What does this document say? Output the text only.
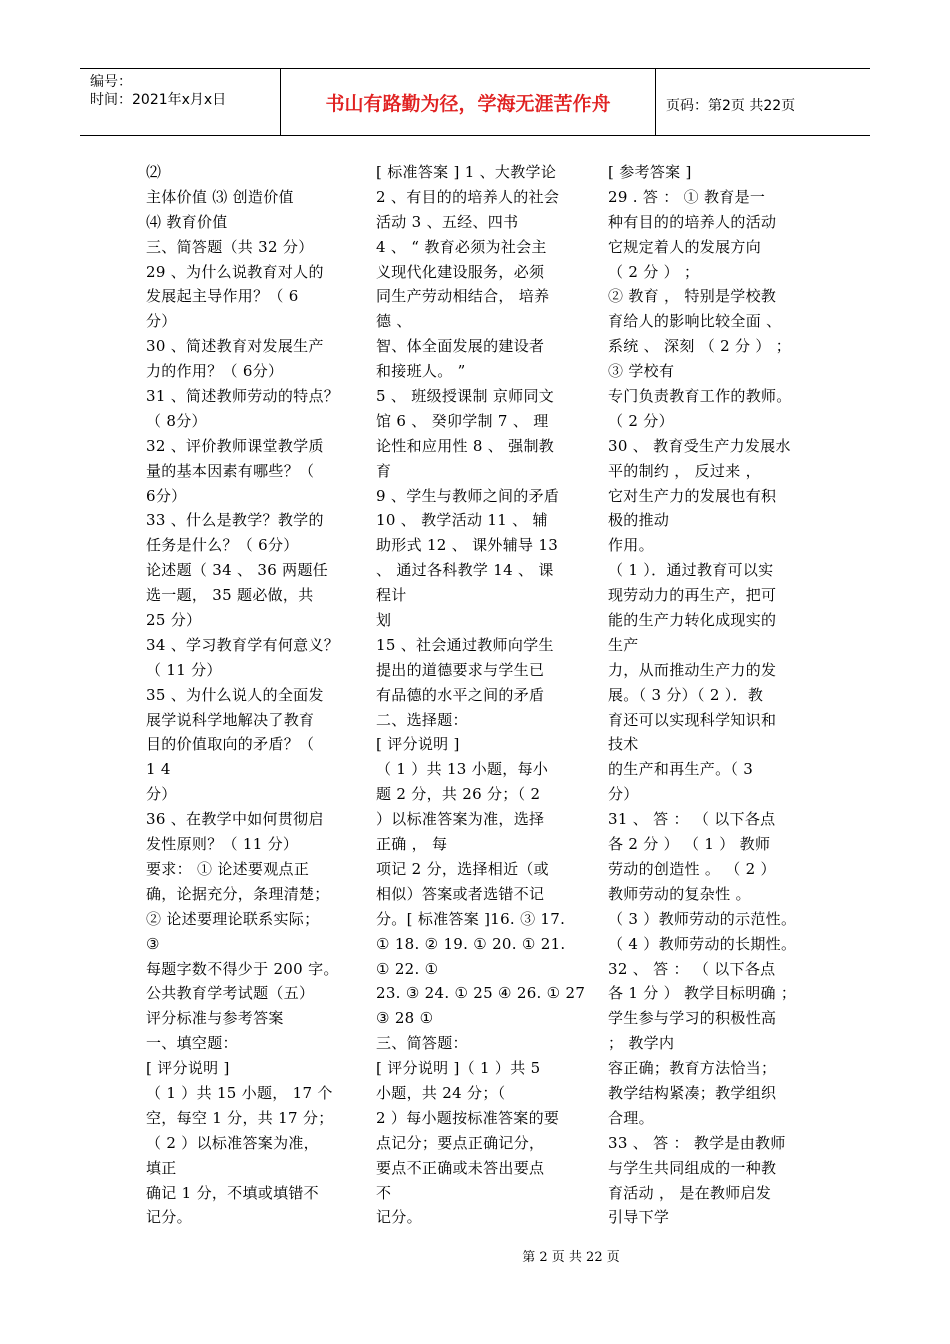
编号：
时间：2021年x月x日	书山有路勤为径，学海无涯苦作舟	页码：第2页 共22页
⑵
主体价值 ⑶ 创造价值
⑷ 教育价值
三、简答题（共 32 分）
29 、为什么说教育对人的
发展起主导作用？（ 6
分）
30 、简述教育对发展生产
力的作用？（ 6分）
31 、简述教师劳动的特点？
（ 8分）
32 、评价教师课堂教学质
量的基本因素有哪些？（
6分）
33 、什么是教学？教学的
任务是什么？（ 6分）
论述题（ 34 、 36 两题任
选一题， 35 题必做，共
25 分）
34 、学习教育学有何意义？
（ 11 分）
35 、为什么说人的全面发
展学说科学地解决了教育
目的价值取向的矛盾？（
1 4
分）
36 、在教学中如何贯彻启
发性原则？（ 11 分）
要求： ① 论述要观点正
确，论据充分，条理清楚；
② 论述要理论联系实际；
③
每题字数不得少于 200 字。
公共教育学考试题（五）
评分标准与参考答案
一、填空题：
[ 评分说明 ]
（ 1 ）共 15 小题， 17 个
空，每空 1 分，共 17 分；
（ 2 ）以标准答案为准，
填正
确记 1 分，不填或填错不
记分。
[ 标准答案 ] 1 、大教学论
2 、有目的的培养人的社会
活动 3 、五经、四书
4 、 “ 教育必须为社会主
义现代化建设服务，必须
同生产劳动相结合， 培养
德 、
智、体全面发展的建设者
和接班人。 ”
5 、 班级授课制 京师同文
馆 6 、 癸卯学制 7 、 理
论性和应用性 8 、 强制教
育
9 、学生与教师之间的矛盾
10 、 教学活动 11 、 辅
助形式 12 、 课外辅导 13
、 通过各科教学 14 、 课
程计
划
15 、社会通过教师向学生
提出的道德要求与学生已
有品德的水平之间的矛盾
二、选择题：
[ 评分说明 ]
（ 1 ）共 13 小题，每小
题 2 分，共 26 分；（ 2
）以标准答案为准，选择
正确 ， 每
项记 2 分，选择相近（或
相似）答案或者选错不记
分。[ 标准答案 ]16. ③ 17.
① 18. ② 19. ① 20. ① 21.
① 22. ①
23. ③ 24. ① 25 ④ 26. ① 27
③ 28 ①
三、简答题：
[ 评分说明 ]（ 1 ）共 5
小题，共 24 分；（
2 ）每小题按标准答案的要
点记分；要点正确记分，
要点不正确或未答出要点
不
记分。
[ 参考答案 ]
29 . 答 ： ① 教育是一
种有目的的培养人的活动
它规定着人的发展方向
（ 2 分 ） ；
② 教育 ， 特别是学校教
育给人的影响比较全面 、
系统 、 深刻 （ 2 分 ） ；
③ 学校有
专门负责教育工作的教师。
（ 2 分）
30 、 教育受生产力发展水
平的制约 ， 反过来 ，
它对生产力的发展也有积
极的推动
作用。
（ 1 ）．通过教育可以实
现劳动力的再生产，把可
能的生产力转化成现实的
生产
力，从而推动生产力的发
展。（ 3 分）（ 2 ）．教
育还可以实现科学知识和
技术
的生产和再生产。（ 3
分）
31 、 答 ： （ 以下各点
各 2 分 ） （ 1 ） 教师
劳动的创造性 。 （ 2 ）
教师劳动的复杂性 。
（ 3 ）教师劳动的示范性。
（ 4 ）教师劳动的长期性。
32 、 答 ： （ 以下各点
各 1 分 ） 教学目标明确 ；
学生参与学习的积极性高
； 教学内
容正确；教育方法恰当；
教学结构紧凑；教学组织
合理。
33 、 答 ： 教学是由教师
与学生共同组成的一种教
育活动 ， 是在教师启发
引导下学
第 2 页 共 22 页
